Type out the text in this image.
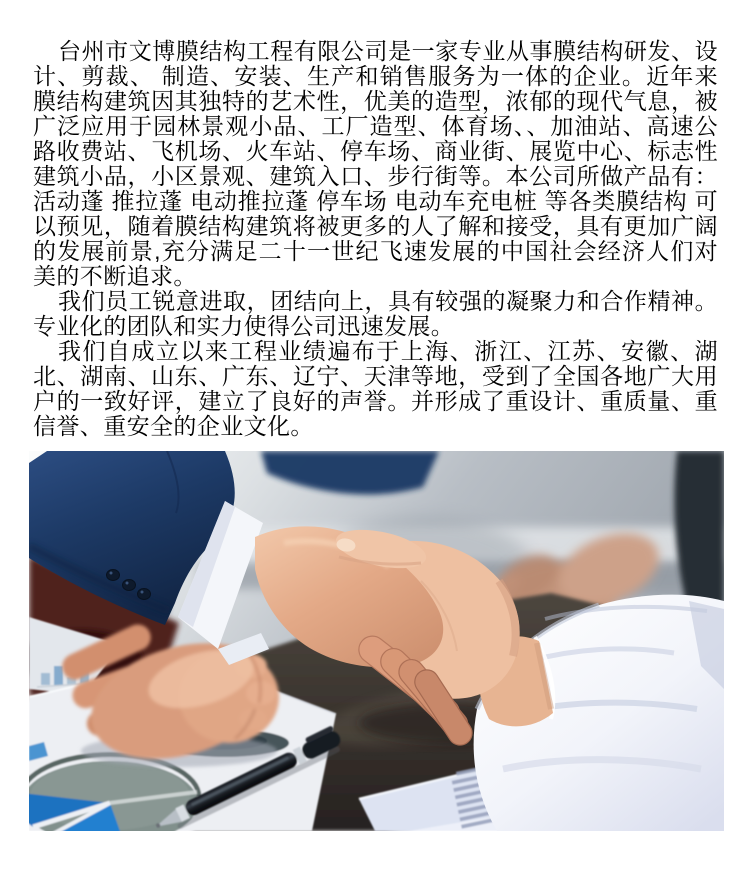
台州市文博膜结构工程有限公司是一家专业从事膜结构研发、设计、剪裁、 制造、安装、生产和销售服务为一体的企业。近年来膜结构建筑因其独特的艺术性，优美的造型，浓郁的现代气息，被广泛应用于园林景观小品、工厂造型、体育场、、加油站、高速公路收费站、飞机场、火车站、停车场、商业街、展览中心、标志性建筑小品，小区景观、建筑入口、步行街等。本公司所做产品有：活动蓬 推拉蓬 电动推拉蓬 停车场 电动车充电桩 等各类膜结构 可以预见，随着膜结构建筑将被更多的人了解和接受，具有更加广阔的发展前景,充分满足二十一世纪飞速发展的中国社会经济人们对美的不断追求。

我们员工锐意进取，团结向上，具有较强的凝聚力和合作精神。专业化的团队和实力使得公司迅速发展。

我们自成立以来工程业绩遍布于上海、浙江、江苏、安徽、湖北、湖南、山东、广东、辽宁、天津等地，受到了全国各地广大用户的一致好评，建立了良好的声誉。并形成了重设计、重质量、重信誉、重安全的企业文化。
